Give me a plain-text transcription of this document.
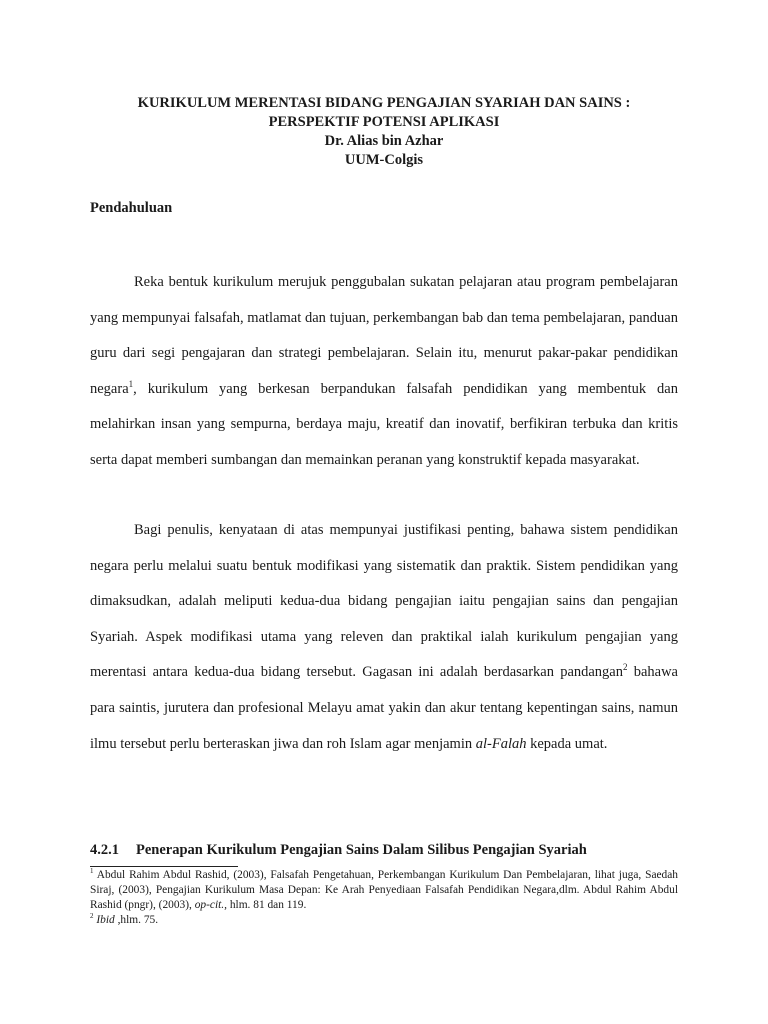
KURIKULUM MERENTASI BIDANG PENGAJIAN SYARIAH DAN SAINS :
PERSPEKTIF POTENSI APLIKASI
Dr. Alias bin Azhar
UUM-Colgis
Pendahuluan

Reka bentuk kurikulum merujuk penggubalan sukatan pelajaran atau program pembelajaran yang mempunyai falsafah, matlamat dan tujuan, perkembangan bab dan tema pembelajaran, panduan guru dari segi pengajaran dan strategi pembelajaran. Selain itu, menurut pakar-pakar pendidikan negara$^1$, kurikulum yang berkesan berpandukan falsafah pendidikan yang membentuk dan melahirkan insan yang sempurna, berdaya maju, kreatif dan inovatif, berfikiran terbuka dan kritis serta dapat memberi sumbangan dan memainkan peranan yang konstruktif kepada masyarakat.

Bagi penulis, kenyataan di atas mempunyai justifikasi penting, bahawa sistem pendidikan negara perlu melalui suatu bentuk modifikasi yang sistematik dan praktik. Sistem pendidikan yang dimaksudkan, adalah meliputi kedua-dua bidang pengajian iaitu pengajian sains dan pengajian Syariah. Aspek modifikasi utama yang releven dan praktikal ialah kurikulum pengajian yang merentasi antara kedua-dua bidang tersebut. Gagasan ini adalah berdasarkan pandangan$^2$ bahawa para saintis, jurutera dan profesional Melayu amat yakin dan akur tentang kepentingan sains, namun ilmu tersebut perlu berteraskan jiwa dan roh Islam agar menjamin al-Falah kepada umat.

4.2.1 Penerapan Kurikulum Pengajian Sains Dalam Silibus Pengajian Syariah

$^1$ Abdul Rahim Abdul Rashid, (2003), Falsafah Pengetahuan, Perkembangan Kurikulum Dan Pembelajaran, lihat juga, Saedah Siraj, (2003), Pengajian Kurikulum Masa Depan: Ke Arah Penyediaan Falsafah Pendidikan Negara,dlm. Abdul Rahim Abdul Rashid (pngr), (2003), op-cit., hlm. 81 dan 119.

$^2$ Ibid ,hlm. 75.
